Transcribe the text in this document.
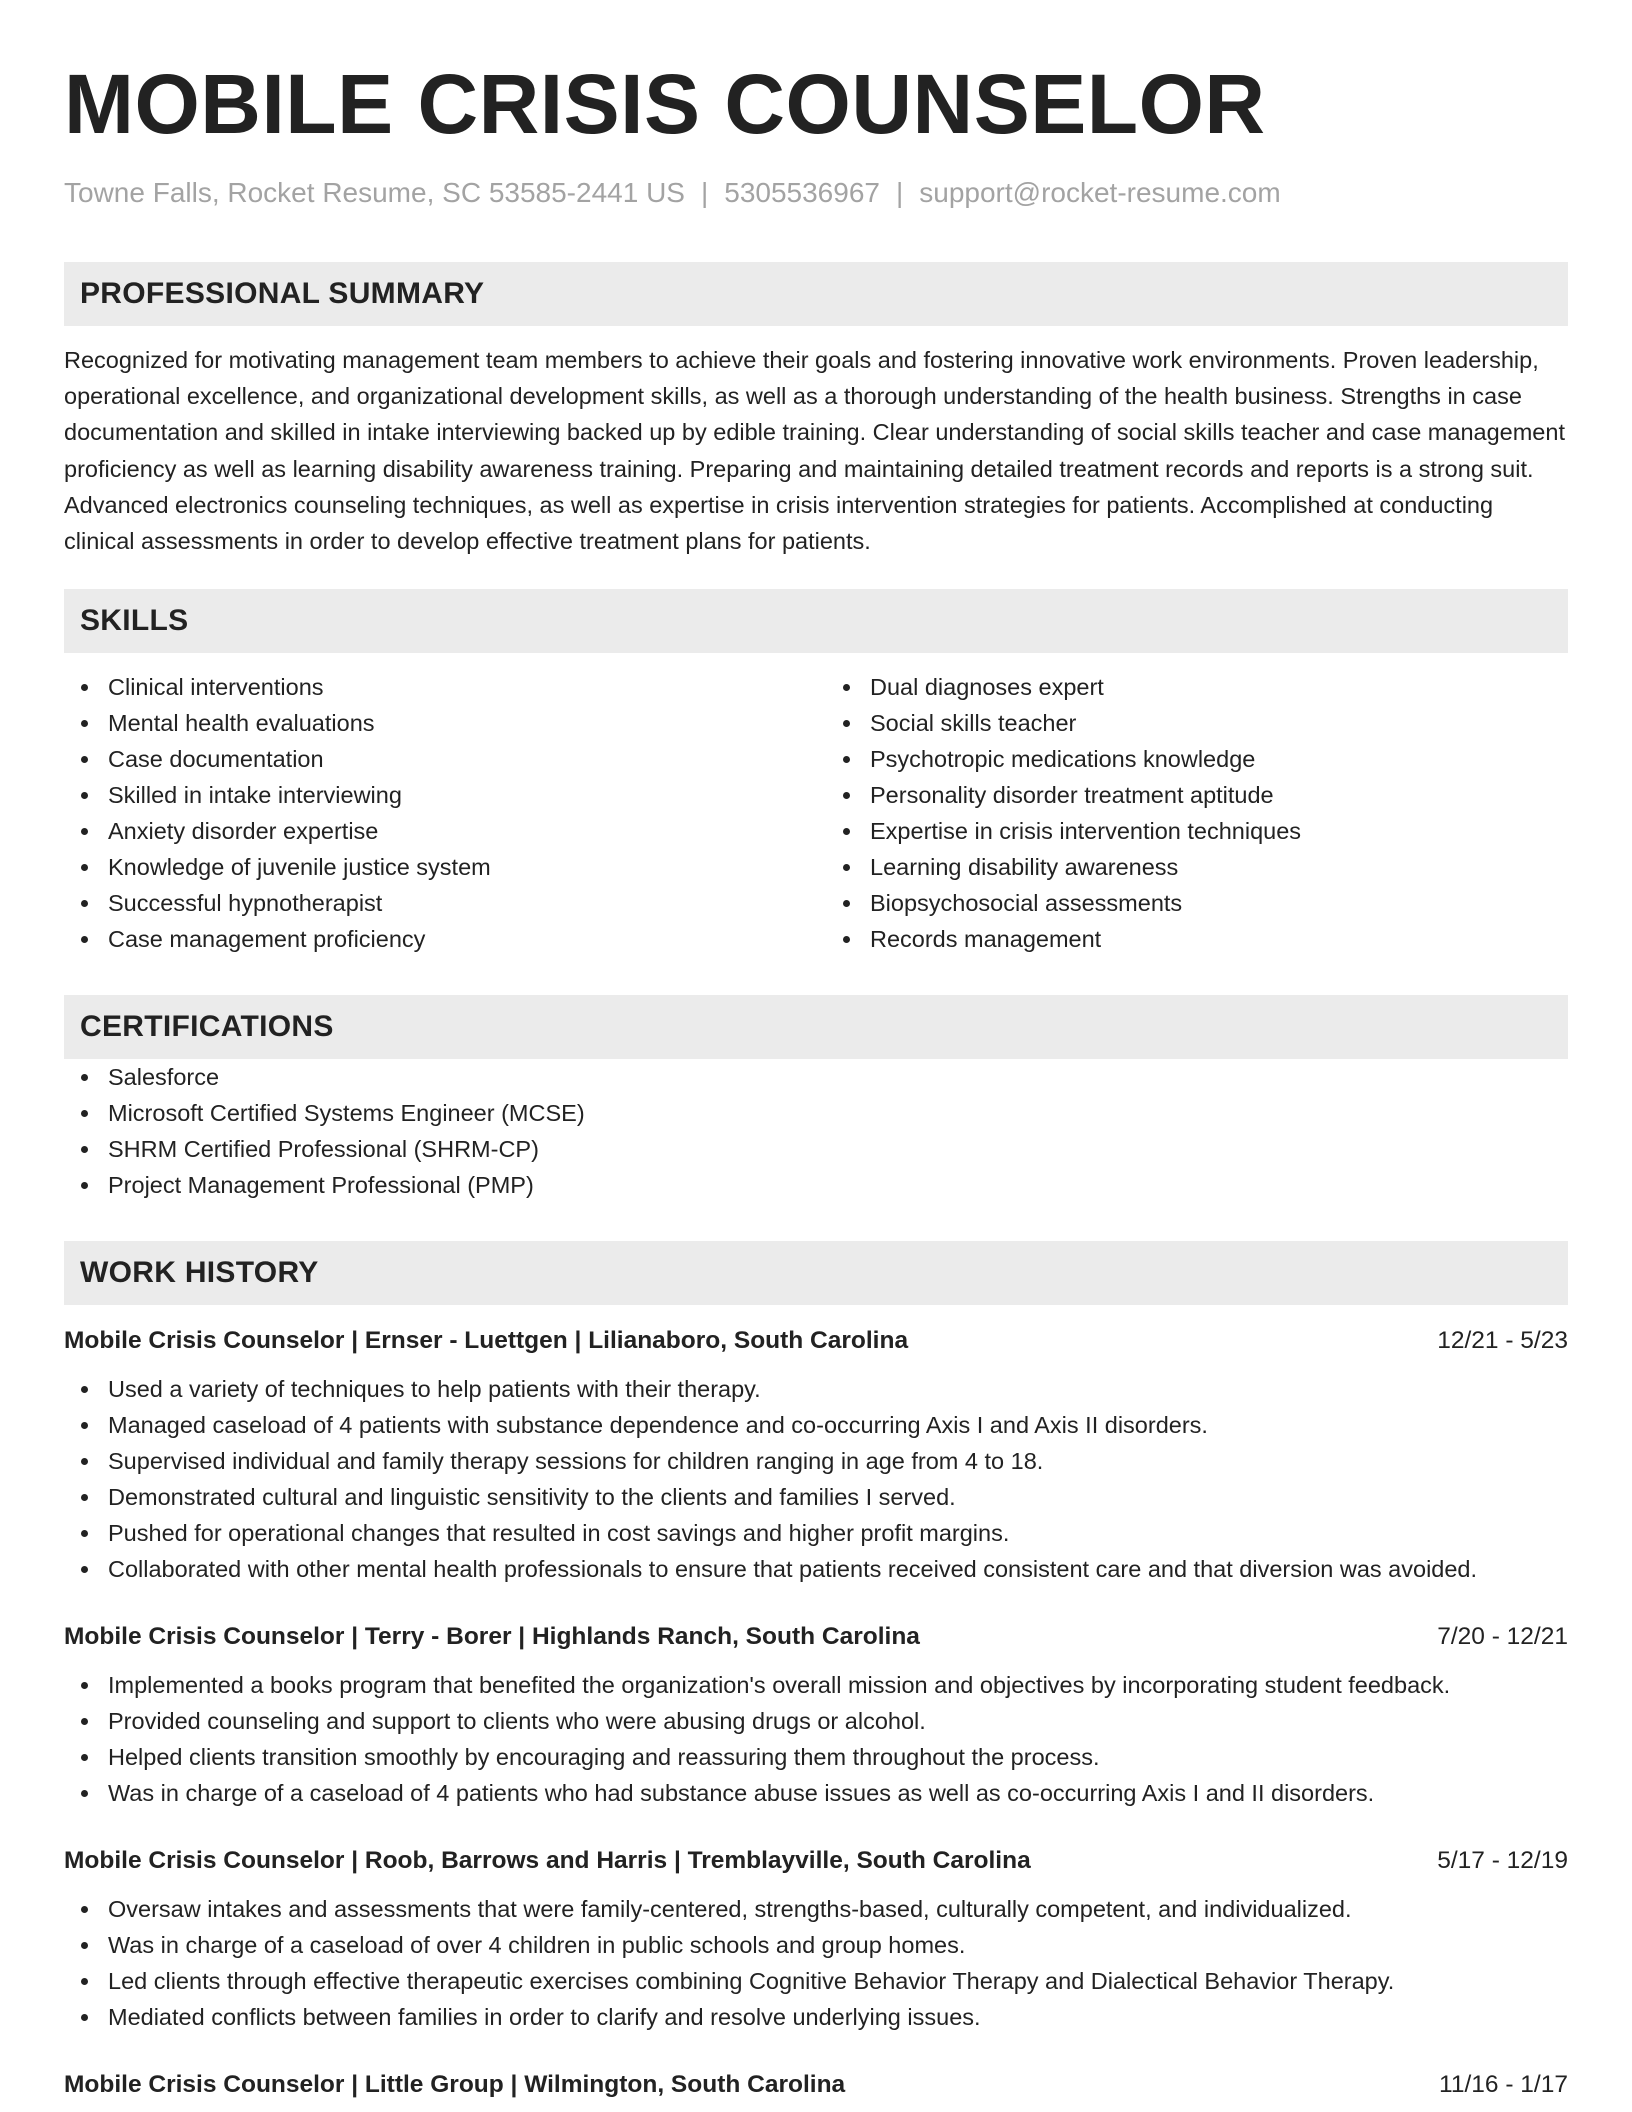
MOBILE CRISIS COUNSELOR
Towne Falls, Rocket Resume, SC 53585-2441 US | 5305536967 | support@rocket-resume.com
PROFESSIONAL SUMMARY

Recognized for motivating management team members to achieve their goals and fostering innovative work environments. Proven leadership, operational excellence, and organizational development skills, as well as a thorough understanding of the health business. Strengths in case documentation and skilled in intake interviewing backed up by edible training. Clear understanding of social skills teacher and case management proficiency as well as learning disability awareness training. Preparing and maintaining detailed treatment records and reports is a strong suit. Advanced electronics counseling techniques, as well as expertise in crisis intervention strategies for patients. Accomplished at conducting clinical assessments in order to develop effective treatment plans for patients.

SKILLS
Clinical interventions
Mental health evaluations
Case documentation
Skilled in intake interviewing
Anxiety disorder expertise
Knowledge of juvenile justice system
Successful hypnotherapist
Case management proficiency
Dual diagnoses expert
Social skills teacher
Psychotropic medications knowledge
Personality disorder treatment aptitude
Expertise in crisis intervention techniques
Learning disability awareness
Biopsychosocial assessments
Records management
CERTIFICATIONS
Salesforce
Microsoft Certified Systems Engineer (MCSE)
SHRM Certified Professional (SHRM-CP)
Project Management Professional (PMP)
WORK HISTORY
Mobile Crisis Counselor | Ernser - Luettgen | Lilianaboro, South Carolina	12/21 - 5/23
Used a variety of techniques to help patients with their therapy.
Managed caseload of 4 patients with substance dependence and co-occurring Axis I and Axis II disorders.
Supervised individual and family therapy sessions for children ranging in age from 4 to 18.
Demonstrated cultural and linguistic sensitivity to the clients and families I served.
Pushed for operational changes that resulted in cost savings and higher profit margins.
Collaborated with other mental health professionals to ensure that patients received consistent care and that diversion was avoided.
Mobile Crisis Counselor | Terry - Borer | Highlands Ranch, South Carolina	7/20 - 12/21
Implemented a books program that benefited the organization's overall mission and objectives by incorporating student feedback.
Provided counseling and support to clients who were abusing drugs or alcohol.
Helped clients transition smoothly by encouraging and reassuring them throughout the process.
Was in charge of a caseload of 4 patients who had substance abuse issues as well as co-occurring Axis I and II disorders.
Mobile Crisis Counselor | Roob, Barrows and Harris | Tremblayville, South Carolina	5/17 - 12/19
Oversaw intakes and assessments that were family-centered, strengths-based, culturally competent, and individualized.
Was in charge of a caseload of over 4 children in public schools and group homes.
Led clients through effective therapeutic exercises combining Cognitive Behavior Therapy and Dialectical Behavior Therapy.
Mediated conflicts between families in order to clarify and resolve underlying issues.
Mobile Crisis Counselor | Little Group | Wilmington, South Carolina	11/16 - 1/17
